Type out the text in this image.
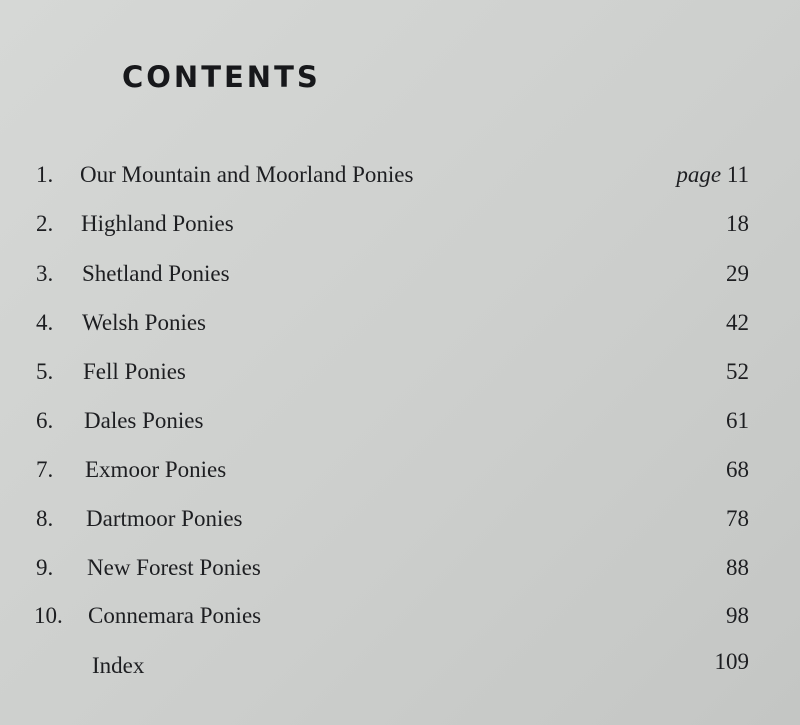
CONTENTS
1.	Our Mountain and Moorland Ponies	page 11
2.	Highland Ponies	18
3.	Shetland Ponies	29
4.	Welsh Ponies	42
5.	Fell Ponies	52
6.	Dales Ponies	61
7.	Exmoor Ponies	68
8.	Dartmoor Ponies	78
9.	New Forest Ponies	88
10.	Connemara Ponies	98
Index	109
